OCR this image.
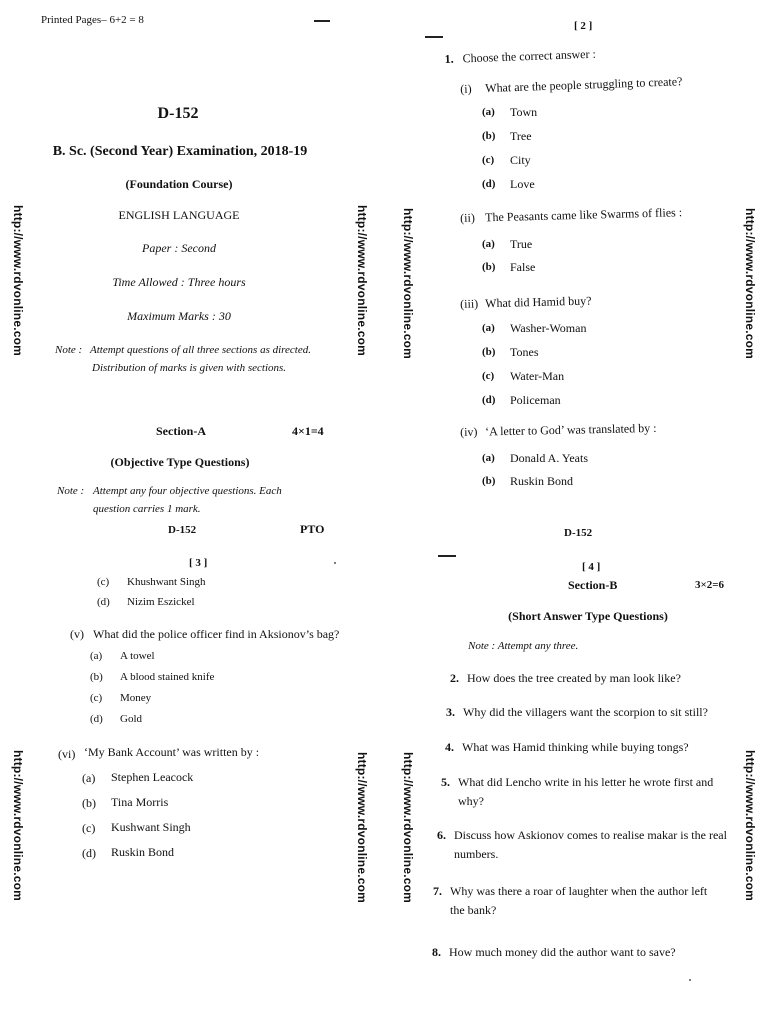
Printed Pages– 6+2 = 8
D-152
B. Sc. (Second Year) Examination, 2018-19
(Foundation Course)
ENGLISH LANGUAGE
Paper : Second
Time Allowed : Three hours
Maximum Marks : 30
Note : Attempt questions of all three sections as directed.
Distribution of marks is given with sections.
Section-A	4×1=4
(Objective Type Questions)
Note : Attempt any four objective questions. Each
question carries 1 mark.
D-152	PTO
[ 2 ]
1. Choose the correct answer :
(i) What are the people struggling to create?
(a) Town
(b) Tree
(c) City
(d) Love
(ii) The Peasants came like Swarms of flies :
(a) True
(b) False
(iii) What did Hamid buy?
(a) Washer-Woman
(b) Tones
(c) Water-Man
(d) Policeman
(iv) ‘A letter to God’ was translated by :
(a) Donald A. Yeats
(b) Ruskin Bond
D-152
[ 3 ]
(c) Khushwant Singh
(d) Nizim Eszickel
(v) What did the police officer find in Aksionov’s bag?
(a) A towel
(b) A blood stained knife
(c) Money
(d) Gold
(vi) ‘My Bank Account’ was written by :
(a) Stephen Leacock
(b) Tina Morris
(c) Kushwant Singh
(d) Ruskin Bond
[ 4 ]
Section-B	3×2=6
(Short Answer Type Questions)
Note : Attempt any three.
2. How does the tree created by man look like?
3. Why did the villagers want the scorpion to sit still?
4. What was Hamid thinking while buying tongs?
5. What did Lencho write in his letter he wrote first and
why?
6. Discuss how Askionov comes to realise makar is the real
numbers.
7. Why was there a roar of laughter when the author left
the bank?
8. How much money did the author want to save?
http://www.rdvonline.com	http://www.rdvonline.com	http://www.rdvonline.com	http://www.rdvonline.com
http://www.rdvonline.com	http://www.rdvonline.com	http://www.rdvonline.com	http://www.rdvonline.com
